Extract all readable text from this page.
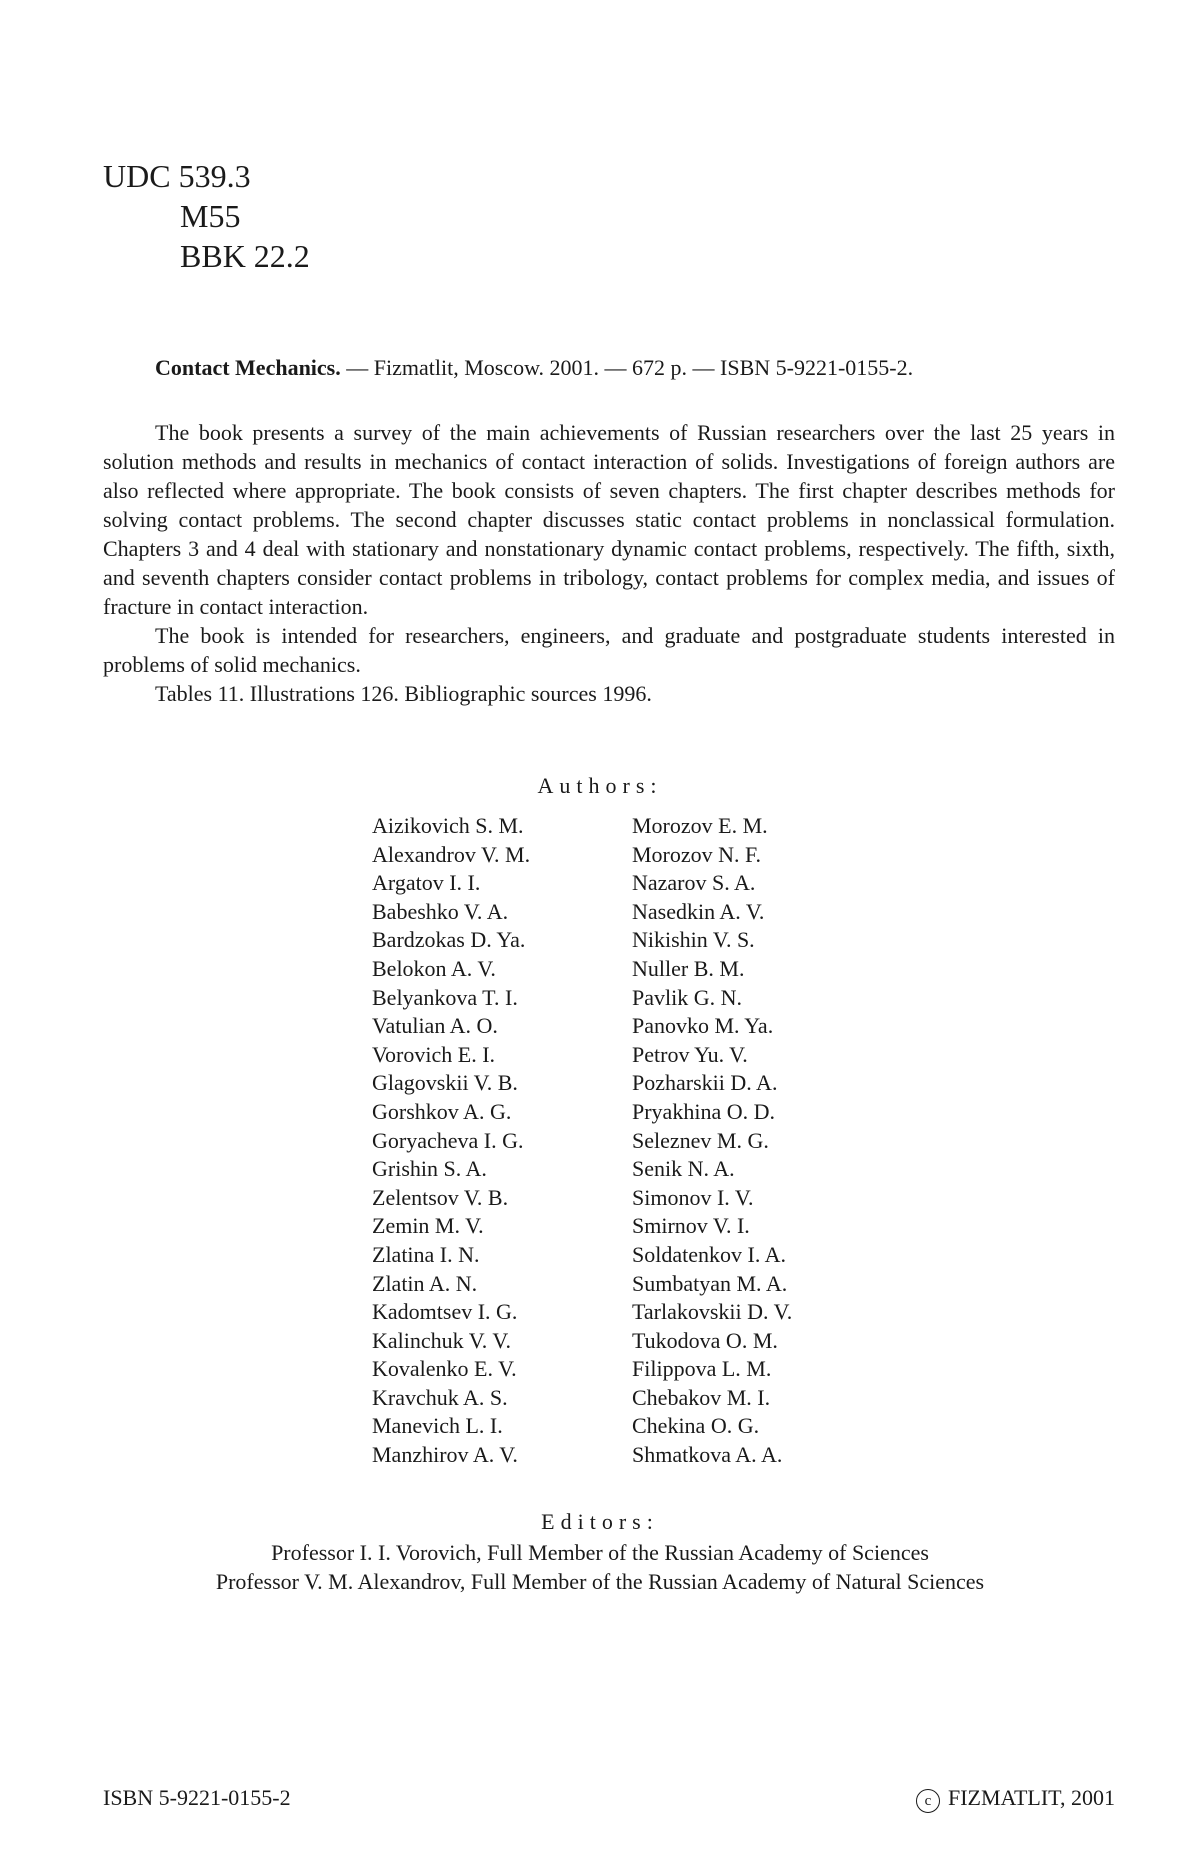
UDC 539.3
M55
BBK 22.2
Contact Mechanics. — Fizmatlit, Moscow. 2001. — 672 p. — ISBN 5-9221-0155-2.

The book presents a survey of the main achievements of Russian researchers over the last 25 years in solution methods and results in mechanics of contact interaction of solids. Investigations of foreign authors are also reflected where appropriate. The book consists of seven chapters. The first chapter describes methods for solving contact problems. The second chapter discusses static contact problems in nonclassical formulation. Chapters 3 and 4 deal with stationary and nonstationary dynamic contact problems, respectively. The fifth, sixth, and seventh chapters consider contact problems in tribology, contact problems for complex media, and issues of fracture in contact interaction.

The book is intended for researchers, engineers, and graduate and postgraduate students interested in problems of solid mechanics.

Tables 11. Illustrations 126. Bibliographic sources 1996.

Authors:
Aizikovich S. M.
Alexandrov V. M.
Argatov I. I.
Babeshko V. A.
Bardzokas D. Ya.
Belokon A. V.
Belyankova T. I.
Vatulian A. O.
Vorovich E. I.
Glagovskii V. B.
Gorshkov A. G.
Goryacheva I. G.
Grishin S. A.
Zelentsov V. B.
Zemin M. V.
Zlatina I. N.
Zlatin A. N.
Kadomtsev I. G.
Kalinchuk V. V.
Kovalenko E. V.
Kravchuk A. S.
Manevich L. I.
Manzhirov A. V.
Morozov E. M.
Morozov N. F.
Nazarov S. A.
Nasedkin A. V.
Nikishin V. S.
Nuller B. M.
Pavlik G. N.
Panovko M. Ya.
Petrov Yu. V.
Pozharskii D. A.
Pryakhina O. D.
Seleznev M. G.
Senik N. A.
Simonov I. V.
Smirnov V. I.
Soldatenkov I. A.
Sumbatyan M. A.
Tarlakovskii D. V.
Tukodova O. M.
Filippova L. M.
Chebakov M. I.
Chekina O. G.
Shmatkova A. A.
Editors:
Professor I. I. Vorovich, Full Member of the Russian Academy of Sciences
Professor V. M. Alexandrov, Full Member of the Russian Academy of Natural Sciences
ISBN 5-9221-0155-2	c FIZMATLIT, 2001
